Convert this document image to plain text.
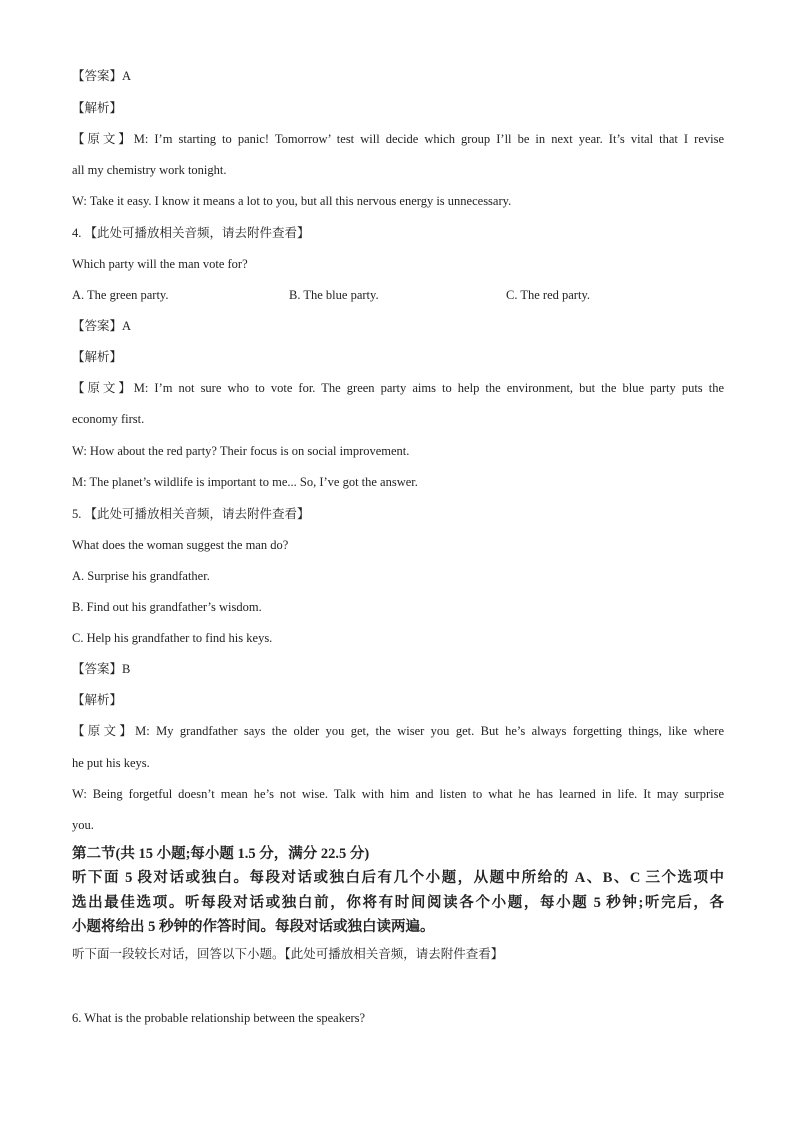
【答案】A
【解析】
【原文】M: I’m starting to panic! Tomorrow’ test will decide which group I’ll be in next year. It’s vital that I revise
all my chemistry work tonight.
W: Take it easy. I know it means a lot to you, but all this nervous energy is unnecessary.
4. 【此处可播放相关音频，请去附件查看】
Which party will the man vote for?
A. The green party.	B. The blue party.	C. The red party.
【答案】A
【解析】
【原文】M: I’m not sure who to vote for. The green party aims to help the environment, but the blue party puts the
economy first.
W: How about the red party? Their focus is on social improvement.
M: The planet’s wildlife is important to me... So, I’ve got the answer.
5. 【此处可播放相关音频，请去附件查看】
What does the woman suggest the man do?
A. Surprise his grandfather.
B. Find out his grandfather’s wisdom.
C. Help his grandfather to find his keys.
【答案】B
【解析】
【原文】M: My grandfather says the older you get, the wiser you get. But he’s always forgetting things, like where
he put his keys.
W: Being forgetful doesn’t mean he’s not wise. Talk with him and listen to what he has learned in life. It may surprise
you.
第二节(共 15 小题;每小题 1.5 分，满分 22.5 分)
听下面 5 段对话或独白。每段对话或独白后有几个小题，从题中所给的 A、B、C 三个选项中
选出最佳选项。听每段对话或独白前，你将有时间阅读各个小题，每小题 5 秒钟;听完后，各
小题将给出 5 秒钟的作答时间。每段对话或独白读两遍。
听下面一段较长对话，回答以下小题。【此处可播放相关音频，请去附件查看】
6. What is the probable relationship between the speakers?
